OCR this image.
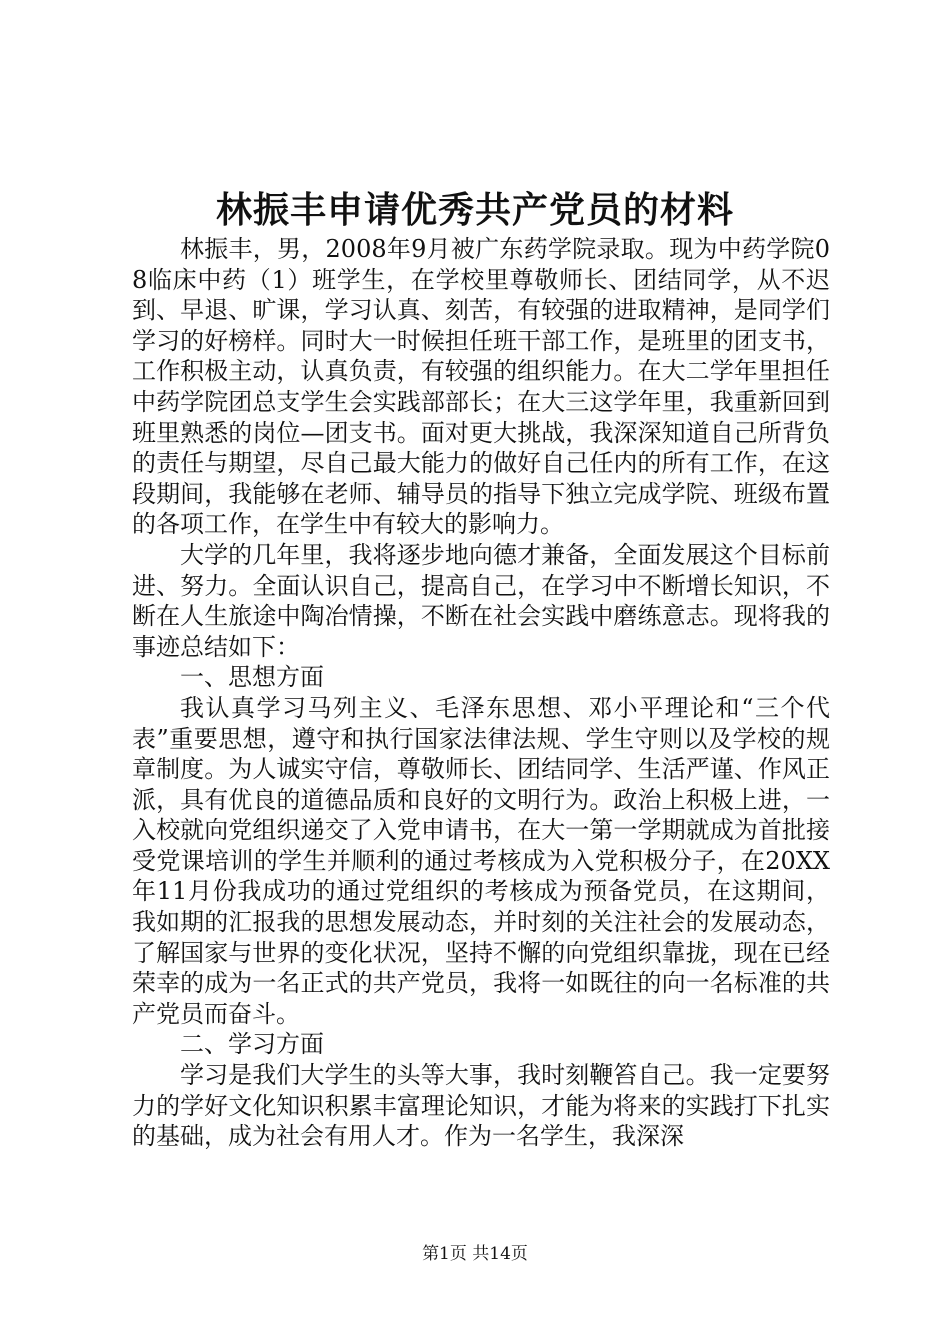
林振丰申请优秀共产党员的材料

林振丰，男，2008年9月被广东药学院录取。现为中药学院08临床中药（1）班学生，在学校里尊敬师长、团结同学，从不迟到、早退、旷课，学习认真、刻苦，有较强的进取精神，是同学们学习的好榜样。同时大一时候担任班干部工作，是班里的团支书，工作积极主动，认真负责，有较强的组织能力。在大二学年里担任中药学院团总支学生会实践部部长；在大三这学年里，我重新回到班里熟悉的岗位—团支书。面对更大挑战，我深深知道自己所背负的责任与期望，尽自己最大能力的做好自己任内的所有工作，在这段期间，我能够在老师、辅导员的指导下独立完成学院、班级布置的各项工作，在学生中有较大的影响力。

大学的几年里，我将逐步地向德才兼备，全面发展这个目标前进、努力。全面认识自己，提高自己，在学习中不断增长知识，不断在人生旅途中陶冶情操，不断在社会实践中磨练意志。现将我的事迹总结如下：

一、思想方面

我认真学习马列主义、毛泽东思想、邓小平理论和“三个代表”重要思想，遵守和执行国家法律法规、学生守则以及学校的规章制度。为人诚实守信，尊敬师长、团结同学、生活严谨、作风正派，具有优良的道德品质和良好的文明行为。政治上积极上进，一入校就向党组织递交了入党申请书，在大一第一学期就成为首批接受党课培训的学生并顺利的通过考核成为入党积极分子，在20XX年11月份我成功的通过党组织的考核成为预备党员，在这期间，我如期的汇报我的思想发展动态，并时刻的关注社会的发展动态，了解国家与世界的变化状况，坚持不懈的向党组织靠拢，现在已经荣幸的成为一名正式的共产党员，我将一如既往的向一名标准的共产党员而奋斗。

二、学习方面

学习是我们大学生的头等大事，我时刻鞭笞自己。我一定要努力的学好文化知识积累丰富理论知识，才能为将来的实践打下扎实的基础，成为社会有用人才。作为一名学生，我深深

第1页 共14页
